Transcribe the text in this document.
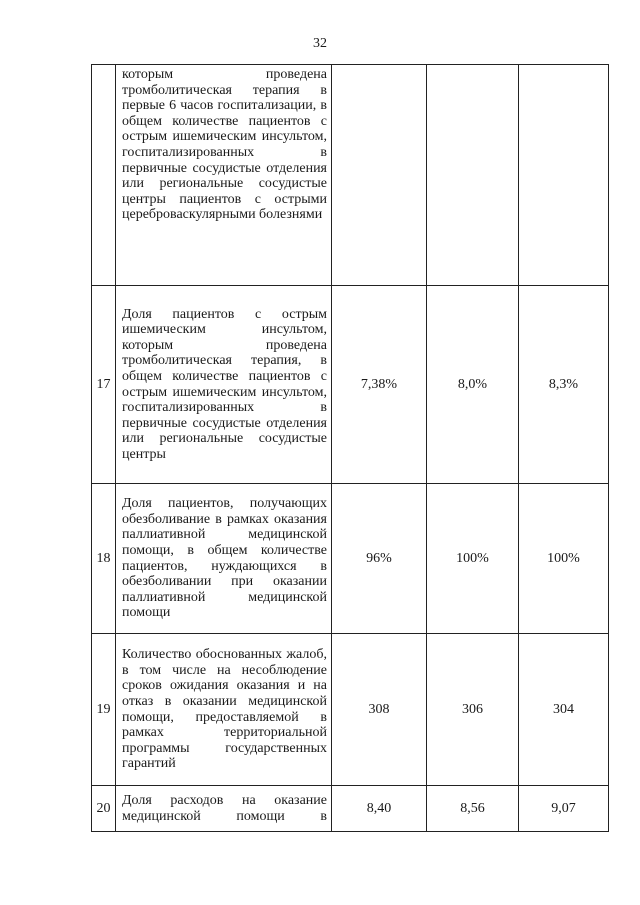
32

	которым проведена тромболитическая терапия в первые 6 часов госпитализации, в общем количестве пациентов с острым ишемическим инсультом, госпитализированных в первичные сосудистые отделения или региональные сосудистые центры пациентов с острыми цереброваскулярными болезнями			

17	Доля пациентов с острым ишемическим инсультом, которым проведена тромболитическая терапия, в общем количестве пациентов с острым ишемическим инсультом, госпитализированных в первичные сосудистые отделения или региональные сосудистые центры	7,38%	8,0%	8,3%
18	Доля пациентов, получающих обезболивание в рамках оказания паллиативной медицинской помощи, в общем количестве пациентов, нуждающихся в обезболивании при оказании паллиативной медицинской помощи	96%	100%	100%
19	Количество обоснованных жалоб, в том числе на несоблюдение сроков ожидания оказания и на отказ в оказании медицинской помощи, предоставляемой в рамках территориальной программы государственных гарантий	308	306	304
20	Доля расходов на оказание медицинской помощи в	8,40	8,56	9,07
